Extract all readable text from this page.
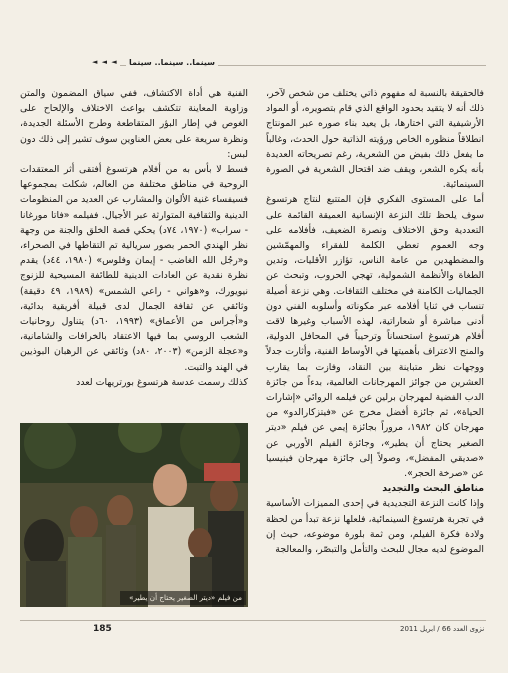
◄ ◄ ◄	سينما.. سينما.. سينما

فالحقيقة بالنسبة له مفهوم ذاتي يختلف من شخص لآخر، ذلك أنه لا يتقيد بحدود الواقع الذي قام بتصويره، أو المواد الأرشيفية التي اختارها، بل يعيد بناء صوره عبر المونتاج انطلاقاً منظوره الخاص ورؤيته الذاتية حول الحدث، وغالباً ما يفعل ذلك بفيض من الشعرية، رغم تصريحاته العديدة بأنه يكره الشعر، ويقف ضد اقتحال الشعرية في الصورة السينمائية.

أما على المستوى الفكري فإن المتتبع لنتاج هرتسوغ سوف يلحظ تلك النزعة الإنسانية العميقة القائمة على التعددية وحق الاختلاف ونصرة الضعيف، فأفلامه على وجه العموم تعطي الكلمة للفقراء والمهمّشين والمضطهدين من عامة الناس، تؤازر الأقليات، وتدين الطغاة والأنظمة الشمولية، تهجي الحروب، وتبحث عن الجماليات الكامنة في مختلف الثقافات. وهي نزعة أصيلة تنساب في ثنايا أفلامه عبر مكوناته وأسلوبه الفني دون أدنى مباشرة أو شعاراتية، لهذه الأسباب وغيرها لاقت أفلام هرتسوغ استحساناً وترحيباً في المحافل الدولية، والمنح الاعتراف بأهميتها في الأوساط الفنية، وأثارت جدلاً ووجهات نظر متباينة بين النقاد، وفازت بما يقارب العشرين من جوائز المهرجانات العالمية، بدءاً من جائزة الدب الفضية لمهرجان برلين عن فيلمه الروائي «إشارات الحياة»، ثم جائزة أفضل مخرج عن «فيتزكارالدو» من مهرجان كان ١٩٨٢، مروراً بجائزة إيمي عن فيلم «ديتر الصغير يحتاج أن يطير»، وجائزة الفيلم الأوربي عن «صديقي المفضل»، وصولاً إلى جائزة مهرجان فينيسيا عن «صرخة الحجر».

مناطق البحث والتجديد

وإذا كانت النزعة التجديدية في إحدى المميزات الأساسية في تجربة هرتسوغ السينمائية، فلعلها نزعة تبدأ من لحظة ولادة فكرة الفيلم، ومن ثمة بلورة موضوعه، حيث إن الموضوع لديه مجال للبحث والتأمل والتبصّر، والمعالجة

الفنية هي أداة الاكتشاف، ففي سياق المضمون والمتن وزاوية المعاينة تتكشف بواعث الاختلاف والإلحاح على الغوص في إطار البؤر المتقاطعة وطرح الأسئلة الجديدة، ونظرة سريعة على بعض العناوين سوف تشير إلى ذلك دون لبس:

فسط لا بأس به من أفلام هرتسوغ أفتقى أثر المعتقدات الروحية في مناطق مختلفة من العالم، شكلت بمجموعها فسيفساء غنية الألوان والمشارب عن العديد من المنظومات الدينية والثقافية المتوارثة عبر الأجيال. ففيلمه «فاتا مورغانا - سراب» (١٩٧٠، ٧٤د) يحكي قصة الخلق والجنة من وجهة نظر الهندي الحمر بصور سريالية تم التقاطها في الصحراء، و«رجُل الله الغاضب - إيمان وفلوس» (١٩٨٠، ٤٤د) يقدم نظرة نقدية عن العادات الدينية للطائفة المسيحية للزنوج نيويورك، و«هواني - راعي الشمس» (١٩٨٩، ٤٩ دقيقة) وثائقي عن ثقافة الجمال لدى قبيلة أفريقية بدائية، و«أجراس من الأعماق» (١٩٩٣، ٦٠د) يتناول روحانيات الشعب الروسي بما فيها الاعتقاد بالخرافات والشامانية، و«عجلة الزمن» (٢٠٠٣، ٨٠د) وثائقي عن الرهبان البوذيين في الهند والتبت.

كذلك رسمت عدسة هرتسوغ بورتريهات لعدد

من فيلم «ديتر الصغير يحتاج أن يطير»
185	نزوى العدد 66 / ابريل 2011
